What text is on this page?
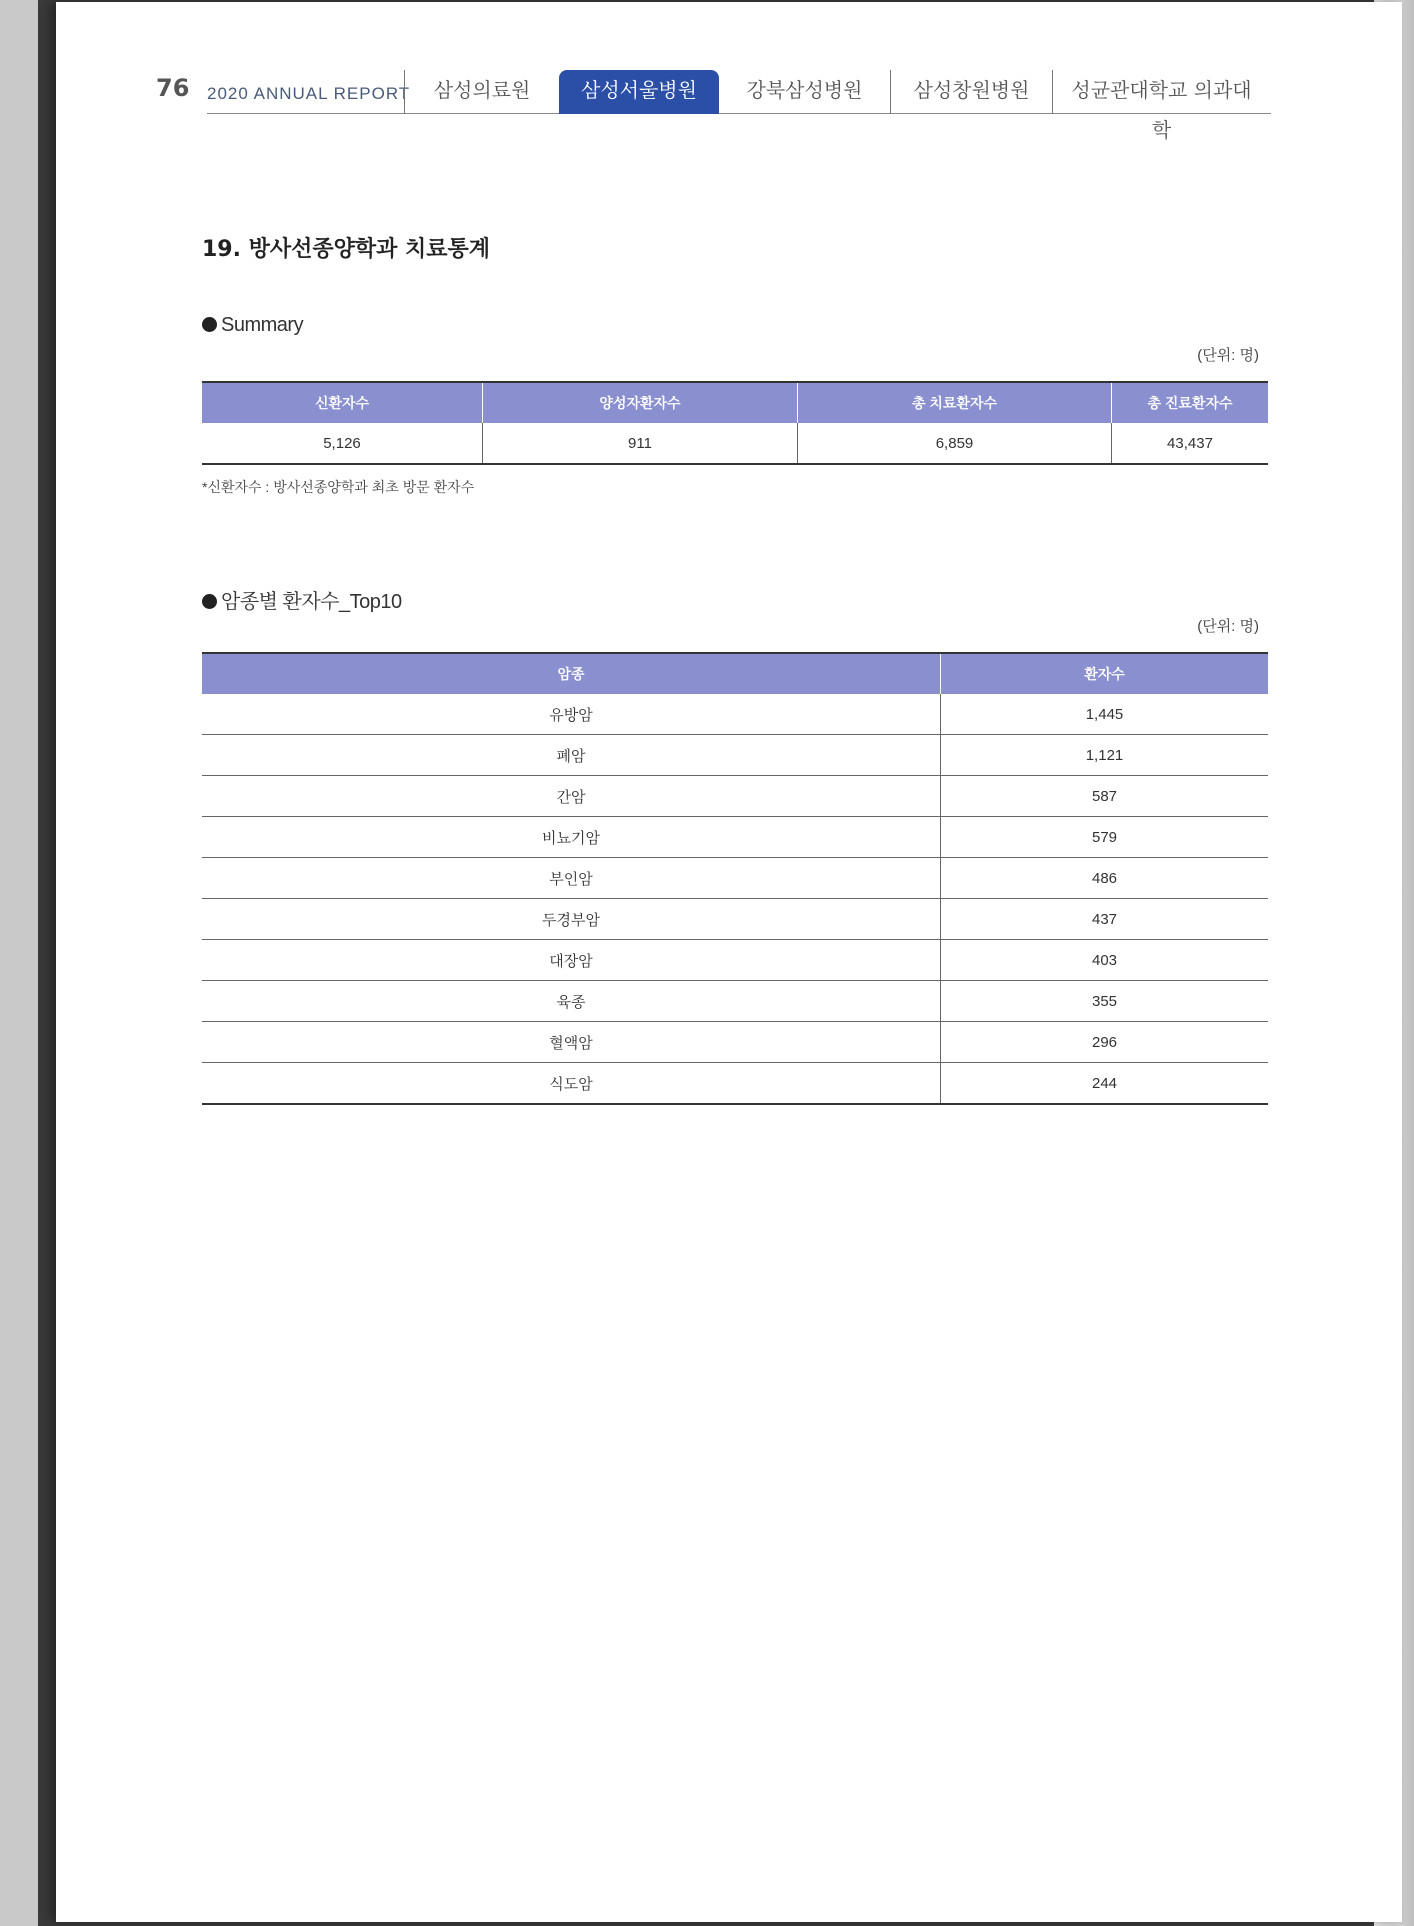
76 2020 ANNUAL REPORT	삼성의료원	삼성서울병원	강북삼성병원	삼성창원병원	성균관대학교 의과대학
19. 방사선종양학과 치료통계
Summary
(단위: 명)
신환자수	양성자환자수	총 치료환자수	총 진료환자수
5,126	911	6,859	43,437
*신환자수 : 방사선종양학과 최초 방문 환자수
암종별 환자수_Top10
(단위: 명)
암종	환자수
유방암	1,445
폐암	1,121
간암	587
비뇨기암	579
부인암	486
두경부암	437
대장암	403
육종	355
혈액암	296
식도암	244
